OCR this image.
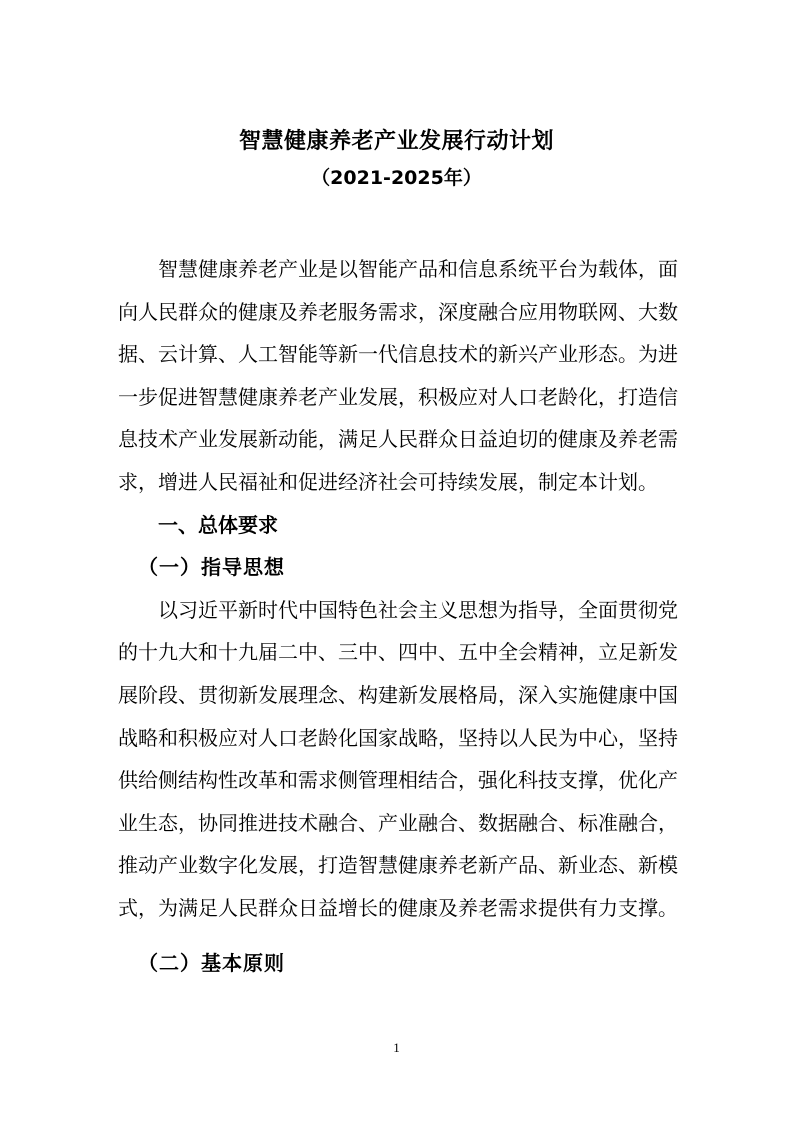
智慧健康养老产业发展行动计划
（2021-2025年）

智慧健康养老产业是以智能产品和信息系统平台为载体，面向人民群众的健康及养老服务需求，深度融合应用物联网、大数据、云计算、人工智能等新一代信息技术的新兴产业形态。为进一步促进智慧健康养老产业发展，积极应对人口老龄化，打造信息技术产业发展新动能，满足人民群众日益迫切的健康及养老需求，增进人民福祉和促进经济社会可持续发展，制定本计划。

一、总体要求

（一）指导思想

以习近平新时代中国特色社会主义思想为指导，全面贯彻党的十九大和十九届二中、三中、四中、五中全会精神，立足新发展阶段、贯彻新发展理念、构建新发展格局，深入实施健康中国战略和积极应对人口老龄化国家战略，坚持以人民为中心，坚持供给侧结构性改革和需求侧管理相结合，强化科技支撑，优化产业生态，协同推进技术融合、产业融合、数据融合、标准融合，推动产业数字化发展，打造智慧健康养老新产品、新业态、新模式，为满足人民群众日益增长的健康及养老需求提供有力支撑。

（二）基本原则

1
